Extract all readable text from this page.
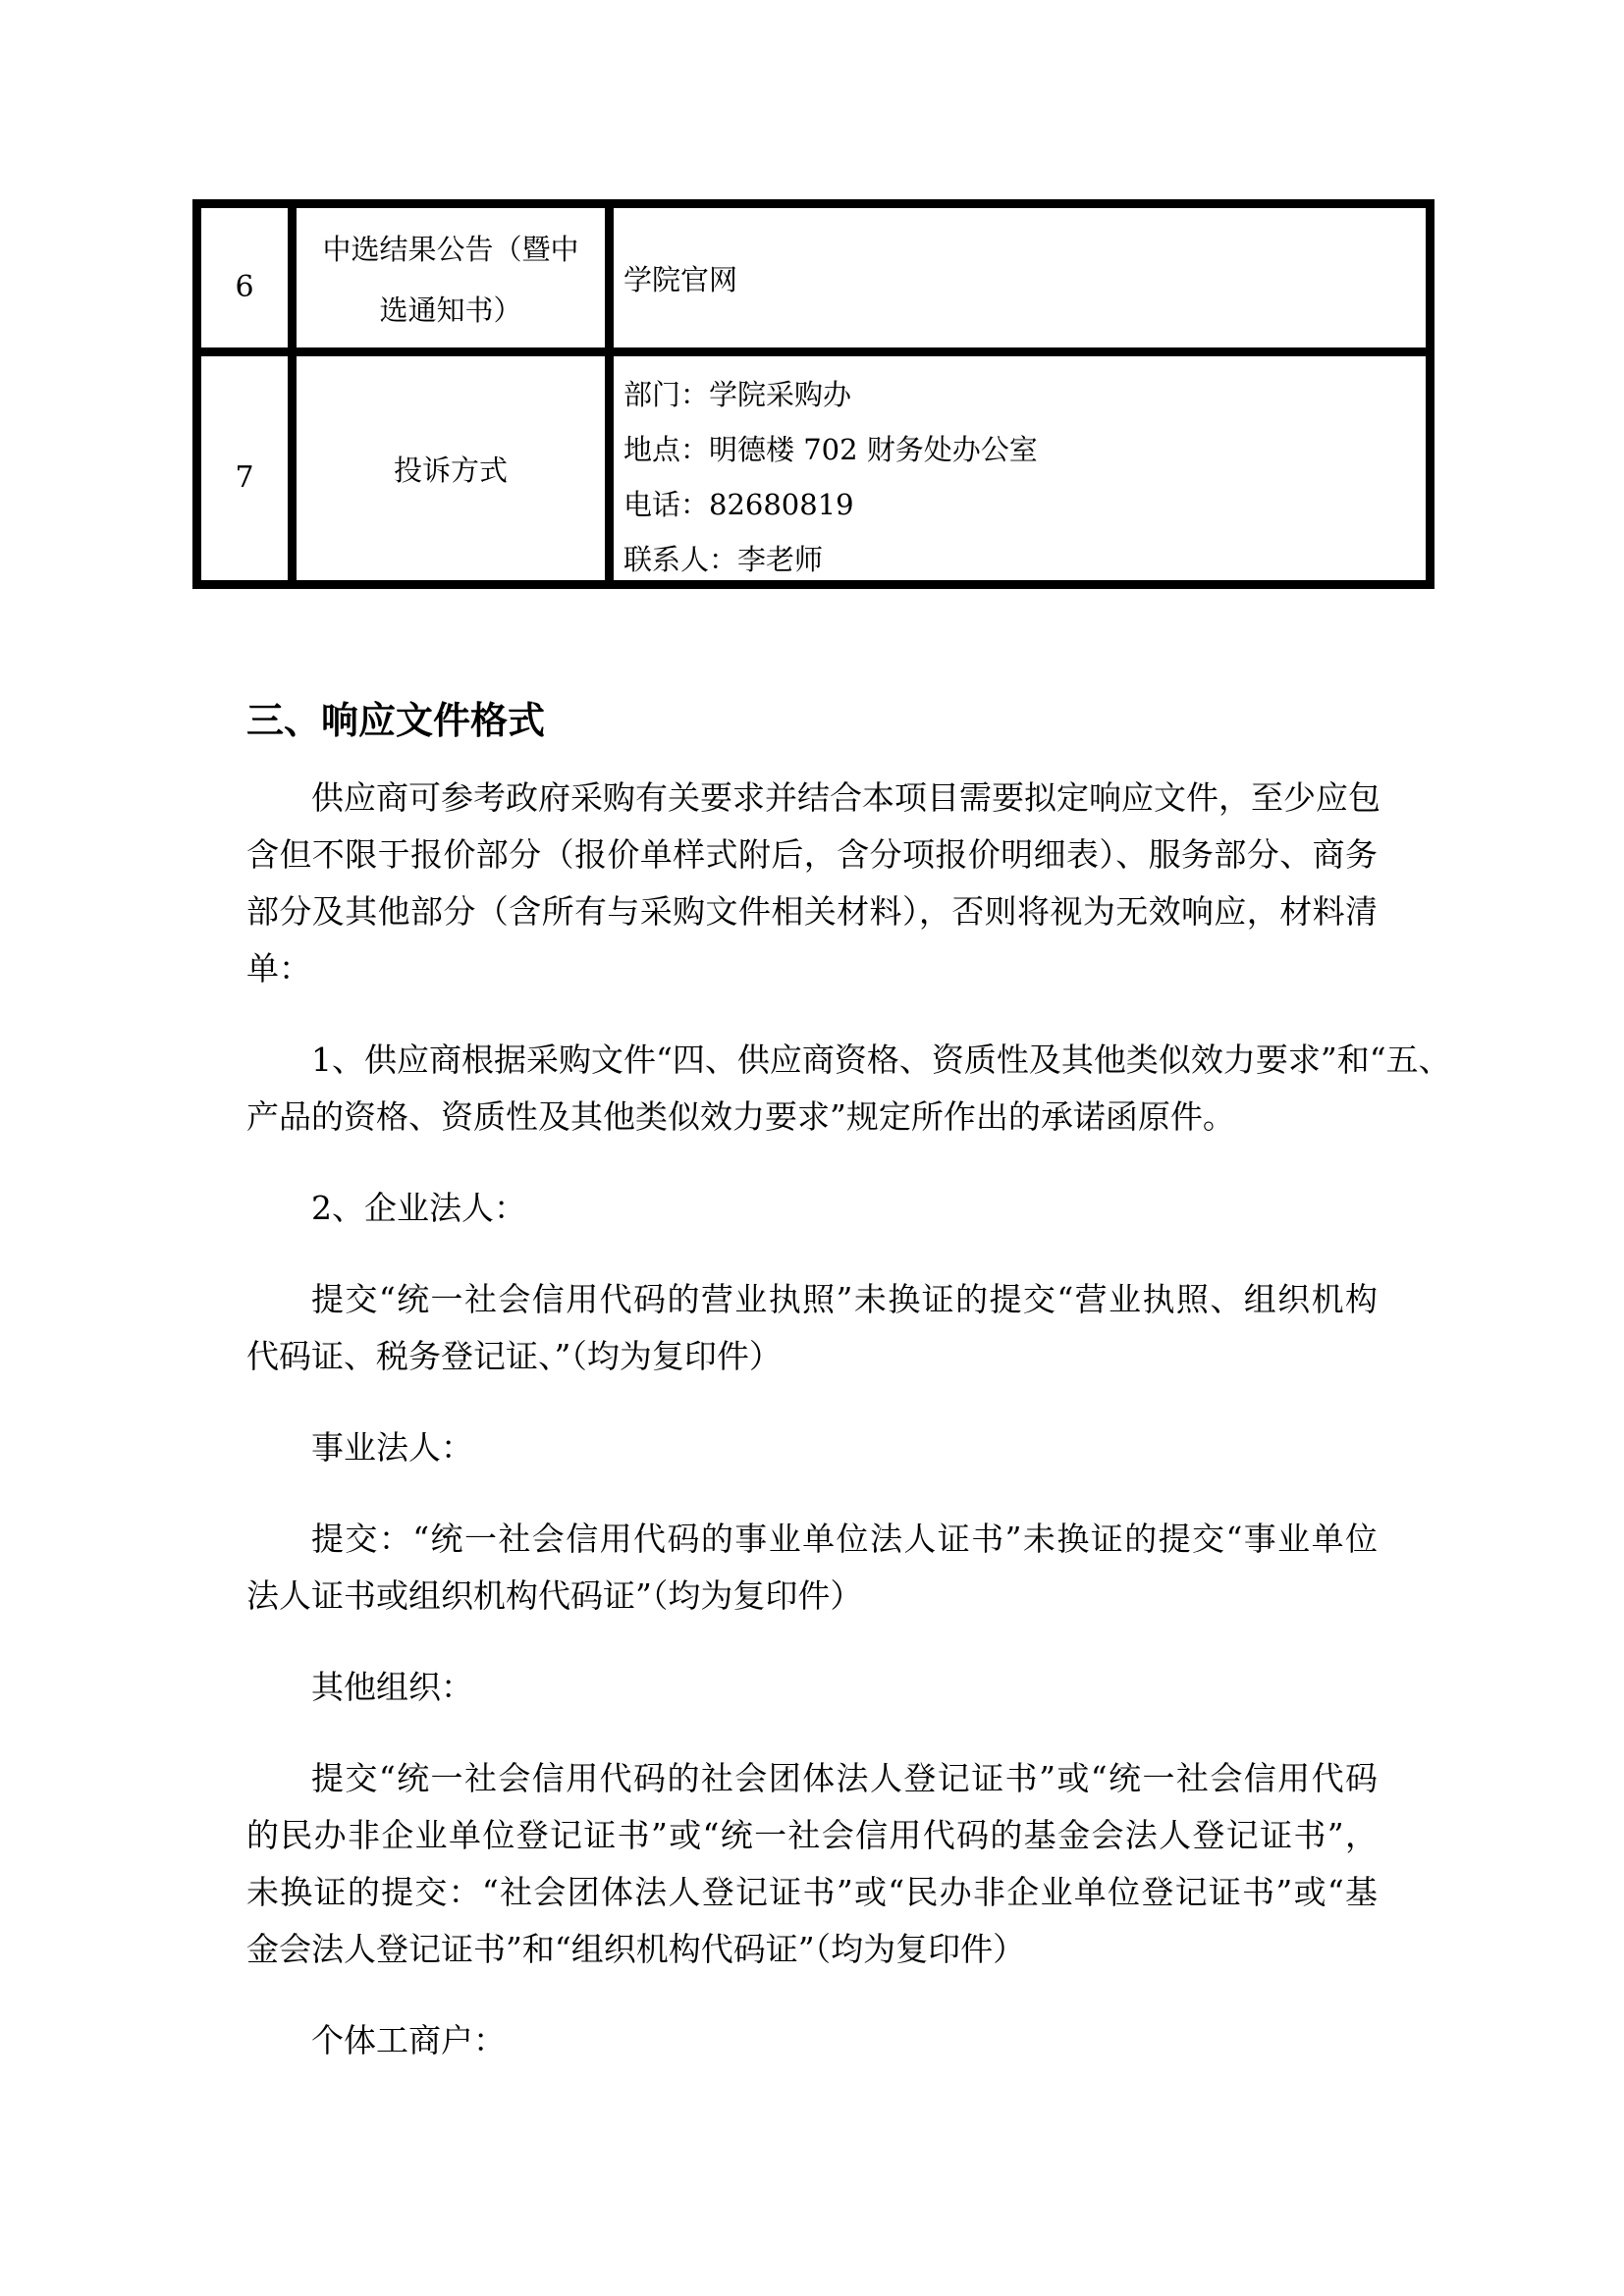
6
中选结果公告（暨中
选通知书）
学院官网
7	投诉方式
部门：学院采购办
地点：明德楼 702 财务处办公室
电话：82680819
联系人：李老师
三、响应文件格式
供应商可参考政府采购有关要求并结合本项目需要拟定响应文件，至少应包
含但不限于报价部分（报价单样式附后，含分项报价明细表）、服务部分、商务
部分及其他部分（含所有与采购文件相关材料），否则将视为无效响应，材料清
单：
1、供应商根据采购文件“四、供应商资格、资质性及其他类似效力要求”和“五、
产品的资格、资质性及其他类似效力要求”规定所作出的承诺函原件。
2、企业法人：
提交“统一社会信用代码的营业执照”未换证的提交“营业执照、组织机构
代码证、税务登记证、”（均为复印件）
事业法人：
提交：“统一社会信用代码的事业单位法人证书”未换证的提交“事业单位
法人证书或组织机构代码证”（均为复印件）
其他组织：
提交“统一社会信用代码的社会团体法人登记证书”或“统一社会信用代码
的民办非企业单位登记证书”或“统一社会信用代码的基金会法人登记证书”，
未换证的提交：“社会团体法人登记证书”或“民办非企业单位登记证书”或“基
金会法人登记证书”和“组织机构代码证”（均为复印件）
个体工商户：
